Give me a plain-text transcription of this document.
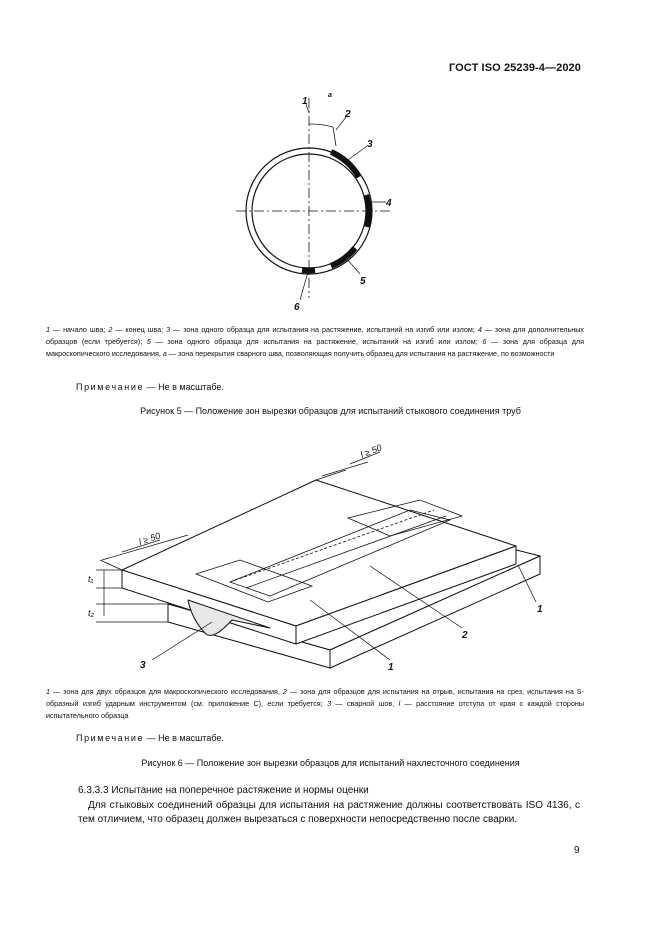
ГОСТ ISO 25239-4—2020
1
2
3
4
5
6
a
1 — начало шва; 2 — конец шва; 3 — зона одного образца для испытания на растяжение, испытаний на изгиб или излом; 4 — зона для дополнительных образцов (если требуется); 5 — зона одного образца для испытания на растяжение, испытаний на изгиб или излом; 6 — зона для образца для макроскопического исследования, a — зона перекрытия сварного шва, позволяющая получить образец для испытания на растяжение, по возможности
Примечание — Не в масштабе.
Рисунок 5 — Положение зон вырезки образцов для испытаний стыкового соединения труб
l ≥ 50
l ≥ 50
t₁
t₂	1
2
1
3
1 — зона для двух образцов для макроскопического исследования, 2 — зона для образцов для испытания на отрыв, испытания на срез, испытания на S-образный изгиб ударным инструментом (см. приложение С), если требуется; 3 — сварной шов, l — расстояние отступа от края с каждой стороны испытательного образца
Примечание — Не в масштабе.
Рисунок 6 — Положение зон вырезки образцов для испытаний нахлесточного соединения
6.3.3.3 Испытание на поперечное растяжение и нормы оценки
Для стыковых соединений образцы для испытания на растяжение должны соответствовать ISO 4136, с тем отличием, что образец должен вырезаться с поверхности непосредственно после сварки.
9
